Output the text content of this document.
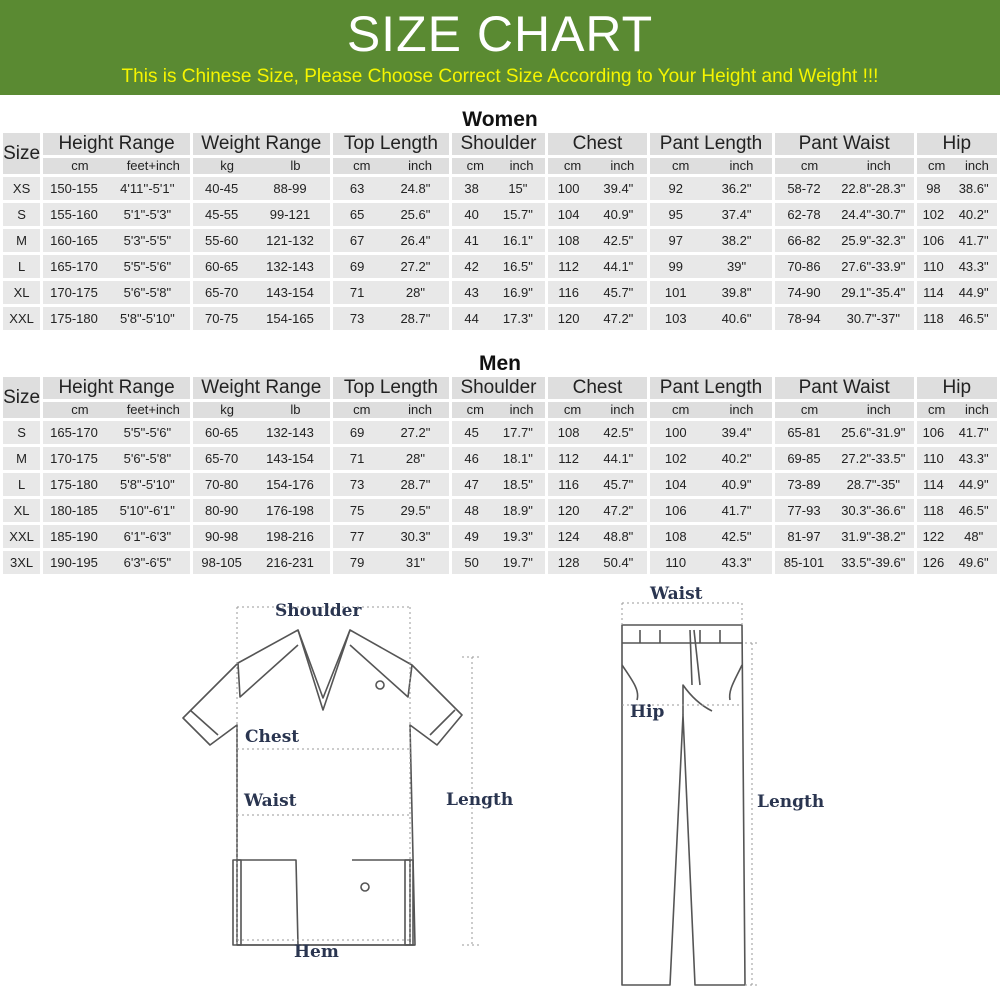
SIZE CHART
This is Chinese Size, Please Choose Correct Size According to Your Height and Weight !!!
Women
Size	Height Range	Weight Range	Top Length	Shoulder	Chest	Pant Length	Pant Waist	Hip
	cm feet+inch	kg lb	cm inch	cm inch	cm inch	cm inch	cm inch	cm inch
XS	150-155 4'11''-5'1''	40-45 88-99	63 24.8"	38 15"	100 39.4"	92 36.2"	58-72 22.8"-28.3"	98 38.6"
S	155-160 5'1"-5'3"	45-55 99-121	65 25.6"	40 15.7"	104 40.9"	95 37.4"	62-78 24.4"-30.7"	102 40.2"
M	160-165 5'3"-5'5"	55-60 121-132	67 26.4"	41 16.1"	108 42.5"	97 38.2"	66-82 25.9"-32.3"	106 41.7"
L	165-170 5'5"-5'6"	60-65 132-143	69 27.2"	42 16.5"	112 44.1"	99 39"	70-86 27.6"-33.9"	110 43.3"
XL	170-175 5'6"-5'8"	65-70 143-154	71 28"	43 16.9"	116 45.7"	101 39.8"	74-90 29.1"-35.4"	114 44.9"
XXL	175-180 5'8"-5'10"	70-75 154-165	73 28.7"	44 17.3"	120 47.2"	103 40.6"	78-94 30.7"-37"	118 46.5"
Men
Size	Height Range	Weight Range	Top Length	Shoulder	Chest	Pant Length	Pant Waist	Hip
	cm feet+inch	kg lb	cm inch	cm inch	cm inch	cm inch	cm inch	cm inch
S	165-170 5'5"-5'6"	60-65 132-143	69 27.2"	45 17.7"	108 42.5"	100 39.4"	65-81 25.6"-31.9"	106 41.7"
M	170-175 5'6"-5'8"	65-70 143-154	71 28"	46 18.1"	112 44.1"	102 40.2"	69-85 27.2"-33.5"	110 43.3"
L	175-180 5'8"-5'10"	70-80 154-176	73 28.7"	47 18.5"	116 45.7"	104 40.9"	73-89 28.7"-35"	114 44.9"
XL	180-185 5'10''-6'1''	80-90 176-198	75 29.5"	48 18.9"	120 47.2"	106 41.7"	77-93 30.3"-36.6"	118 46.5"
XXL	185-190 6'1"-6'3"	90-98 198-216	77 30.3"	49 19.3"	124 48.8"	108 42.5"	81-97 31.9"-38.2"	122 48"
3XL	190-195 6'3"-6'5"	98-105 216-231	79 31"	50 19.7"	128 50.4"	110 43.3"	85-101 33.5"-39.6"	126 49.6"
Shoulder
Chest
Waist	Length
Hem
Waist
Hip
Length
